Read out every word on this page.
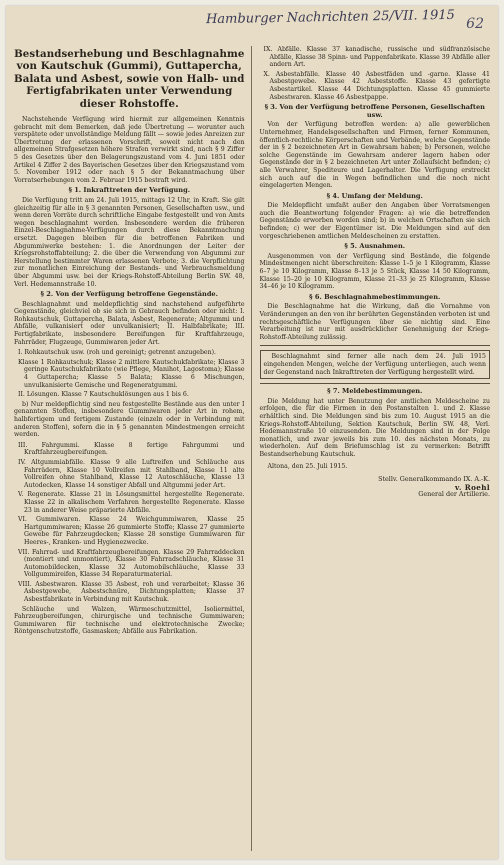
Hamburger Nachrichten 25/VII. 1915 62
Bestandserhebung und Beschlagnahme von Kautschuk (Gummi), Guttapercha, Balata und Asbest, sowie von Halb- und Fertigfabrikaten unter Verwendung dieser Rohstoffe.

Nachstehende Verfügung wird hiermit zur allgemeinen Kenntnis gebracht mit dem Bemerken, daß jede Übertretung — worunter auch verspätete oder unvollständige Meldung fällt — sowie jedes Anreizen zur Übertretung der erlassenen Vorschrift, soweit nicht nach den allgemeinen Strafgesetzen höhere Strafen verwirkt sind, nach § 9 Ziffer 5 des Gesetzes über den Belagerungszustand vom 4. Juni 1851 oder Artikel 4 Ziffer 2 des Bayerischen Gesetzes über den Kriegszustand vom 5. November 1912 oder nach § 5 der Bekanntmachung über Vorratserhebungen vom 2. Februar 1915 bestraft wird.

§ 1. Inkrafttreten der Verfügung.

Die Verfügung tritt am 24. Juli 1915, mittags 12 Uhr, in Kraft. Sie gilt gleichzeitig für alle in § 3 genannten Personen, Gesellschaften usw., und wenn deren Vorräte durch schriftliche Eingabe festgestellt und von Amts wegen beschlagnahmt werden. Insbesondere werden die früheren Einzel-Beschlagnahme-Verfügungen durch diese Bekanntmachung ersetzt. Dagegen bleiben für die betroffenen Fabriken und Abgummiwerke bestehen: 1. die Anordnungen der Leiter der Kriegsrohstoffabteilung; 2. die über die Verwendung von Abgummi zur Herstellung bestimmter Waren erlassenen Verbote; 3. die Verpflichtung zur monatlichen Einreichung der Bestands- und Verbrauchsmeldung über Abgummi usw. bei der Kriegs-Rohstoff-Abteilung Berlin SW. 48, Verl. Hedemannstraße 10.

§ 2. Von der Verfügung betroffene Gegenstände.

Beschlagnahmt und meldepflichtig sind nachstehend aufgeführte Gegenstände, gleichviel ob sie sich in Gebrauch befinden oder nicht: I. Rohkautschuk, Guttapercha, Balata, Asbest, Regenerate; Altgummi und Abfälle, vulkanisiert oder unvulkanisiert; II. Halbfabrikate; III. Fertigfabrikate, insbesondere Bereifungen für Kraftfahrzeuge, Fahrräder, Flugzeuge, Gummiwaren jeder Art.

I. Rohkautschuk usw. (roh und gereinigt; getrennt anzugeben).

Klasse 1 Rohkautschuk; Klasse 2 mittlere Kautschukfabrikate; Klasse 3 geringe Kautschukfabrikate (wie Pflege, Manihot, Lagostoma); Klasse 4 Guttapercha; Klasse 5 Balata; Klasse 6 Mischungen, unvulkanisierte Gemische und Regeneratgummi.

II. Lösungen. Klasse 7 Kautschuklösungen aus 1 bis 6.

b) Nur meldepflichtig sind neu festgestellte Bestände aus den unter I genannten Stoffen, insbesondere Gummiwaren jeder Art in rohem, halbfertigem und fertigem Zustande (einzeln oder in Verbindung mit anderen Stoffen), sofern die in § 5 genannten Mindestmengen erreicht werden.

III. Fahrgummi. Klasse 8 fertige Fahrgummi und Kraftfahrzeugbereifungen.

IV. Altgummiabfälle. Klasse 9 alle Luftreifen und Schläuche aus Fahrrädern, Klasse 10 Vollreifen mit Stahlband, Klasse 11 alte Vollreifen ohne Stahlband, Klasse 12 Autoschläuche, Klasse 13 Autodecken, Klasse 14 sonstiger Abfall und Altgummi jeder Art.

V. Regenerate. Klasse 21 in Lösungsmittel hergestellte Regenerate. Klasse 22 in alkalischem Verfahren hergestellte Regenerate. Klasse 23 in anderer Weise präparierte Abfälle.

VI. Gummiwaren. Klasse 24 Weichgummiwaren, Klasse 25 Hartgummiwaren; Klasse 26 gummierte Stoffe; Klasse 27 gummierte Gewebe für Fahrzeugdecken; Klasse 28 sonstige Gummiwaren für Heeres-, Kranken- und Hygienezwecke.

VII. Fahrrad- und Kraftfahrzeugbereifungen. Klasse 29 Fahrraddecken (montiert und unmontiert), Klasse 30 Fahrradschläuche, Klasse 31 Automobildecken, Klasse 32 Automobilschläuche, Klasse 33 Vollgummireifen, Klasse 34 Reparaturmaterial.

VIII. Asbestwaren. Klasse 35 Asbest, roh und verarbeitet; Klasse 36 Asbestgewebe, Asbestschnüre, Dichtungsplatten; Klasse 37 Asbestfabrikate in Verbindung mit Kautschuk.

Schläuche und Walzen, Wärmeschutzmittel, Isoliermittel, Fahrzeugbereifungen, chirurgische und technische Gummiwaren; Gummiwaren für technische und elektrotechnische Zwecke; Röntgenschutzstoffe, Gasmasken; Abfälle aus Fabrikation.

IX. Abfälle. Klasse 37 kanadische, russische und südfranzösische Abfälle, Klasse 38 Spinn- und Pappenfabrikate. Klasse 39 Abfälle aller andern Art.

X. Asbestabfälle. Klasse 40 Asbestfäden und -garne. Klasse 41 Asbestgewebe. Klasse 42 Asbeststoffe. Klasse 43 gefertigte Asbestartikel. Klasse 44 Dichtungsplatten. Klasse 45 gummierte Asbestwaren. Klasse 46 Asbestpappe.

§ 3. Von der Verfügung betroffene Personen, Gesellschaften usw.

Von der Verfügung betroffen werden: a) alle gewerblichen Unternehmer, Handelsgesellschaften und Firmen, ferner Kommunen, öffentlich-rechtliche Körperschaften und Verbände, welche Gegenstände der in § 2 bezeichneten Art in Gewahrsam haben; b) Personen, welche solche Gegenstände im Gewahrsam anderer lagern haben oder Gegenstände der in § 2 bezeichneten Art unter Zollaufsicht befinden; c) alle Verwahrer, Spediteure und Lagerhalter. Die Verfügung erstreckt sich auch auf die in Wegen befindlichen und die noch nicht eingelagerten Mengen.

§ 4. Umfang der Meldung.

Die Meldepflicht umfaßt außer den Angaben über Vorratsmengen auch die Beantwortung folgender Fragen: a) wie die betreffenden Gegenstände erworben worden sind; b) in welchen Ortschaften sie sich befinden; c) wer der Eigentümer ist. Die Meldungen sind auf den vorgeschriebenen amtlichen Meldescheinen zu erstatten.

§ 5. Ausnahmen.

Ausgenommen von der Verfügung sind Bestände, die folgende Mindestmengen nicht überschreiten: Klasse 1–5 je 1 Kilogramm, Klasse 6–7 je 10 Kilogramm, Klasse 8–13 je 5 Stück, Klasse 14 50 Kilogramm, Klasse 15–20 je 10 Kilogramm, Klasse 21–33 je 25 Kilogramm, Klasse 34–46 je 10 Kilogramm.

§ 6. Beschlagnahmebestimmungen.

Die Beschlagnahme hat die Wirkung, daß die Vornahme von Veränderungen an den von ihr berührten Gegenständen verboten ist und rechtsgeschäftliche Verfügungen über sie nichtig sind. Eine Verarbeitung ist nur mit ausdrücklicher Genehmigung der Kriegs-Rohstoff-Abteilung zulässig.

Beschlagnahmt sind ferner alle nach dem 24. Juli 1915 eingehenden Mengen, welche der Verfügung unterliegen, auch wenn der Gegenstand nach Inkrafttreten der Verfügung hergestellt wird.

§ 7. Meldebestimmungen.

Die Meldung hat unter Benutzung der amtlichen Meldescheine zu erfolgen, die für die Firmen in den Postanstalten 1. und 2. Klasse erhältlich sind. Die Meldungen sind bis zum 10. August 1915 an die Kriegs-Rohstoff-Abteilung, Sektion Kautschuk, Berlin SW. 48, Verl. Hedemannstraße 10 einzusenden. Die Meldungen sind in der Folge monatlich, und zwar jeweils bis zum 10. des nächsten Monats, zu wiederholen. Auf dem Briefumschlag ist zu vermerken: Betrifft Bestandserhebung Kautschuk.

Altona, den 25. Juli 1915.

Stellv. Generalkommando IX. A.-K.
v. Roehl
General der Artillerie.
